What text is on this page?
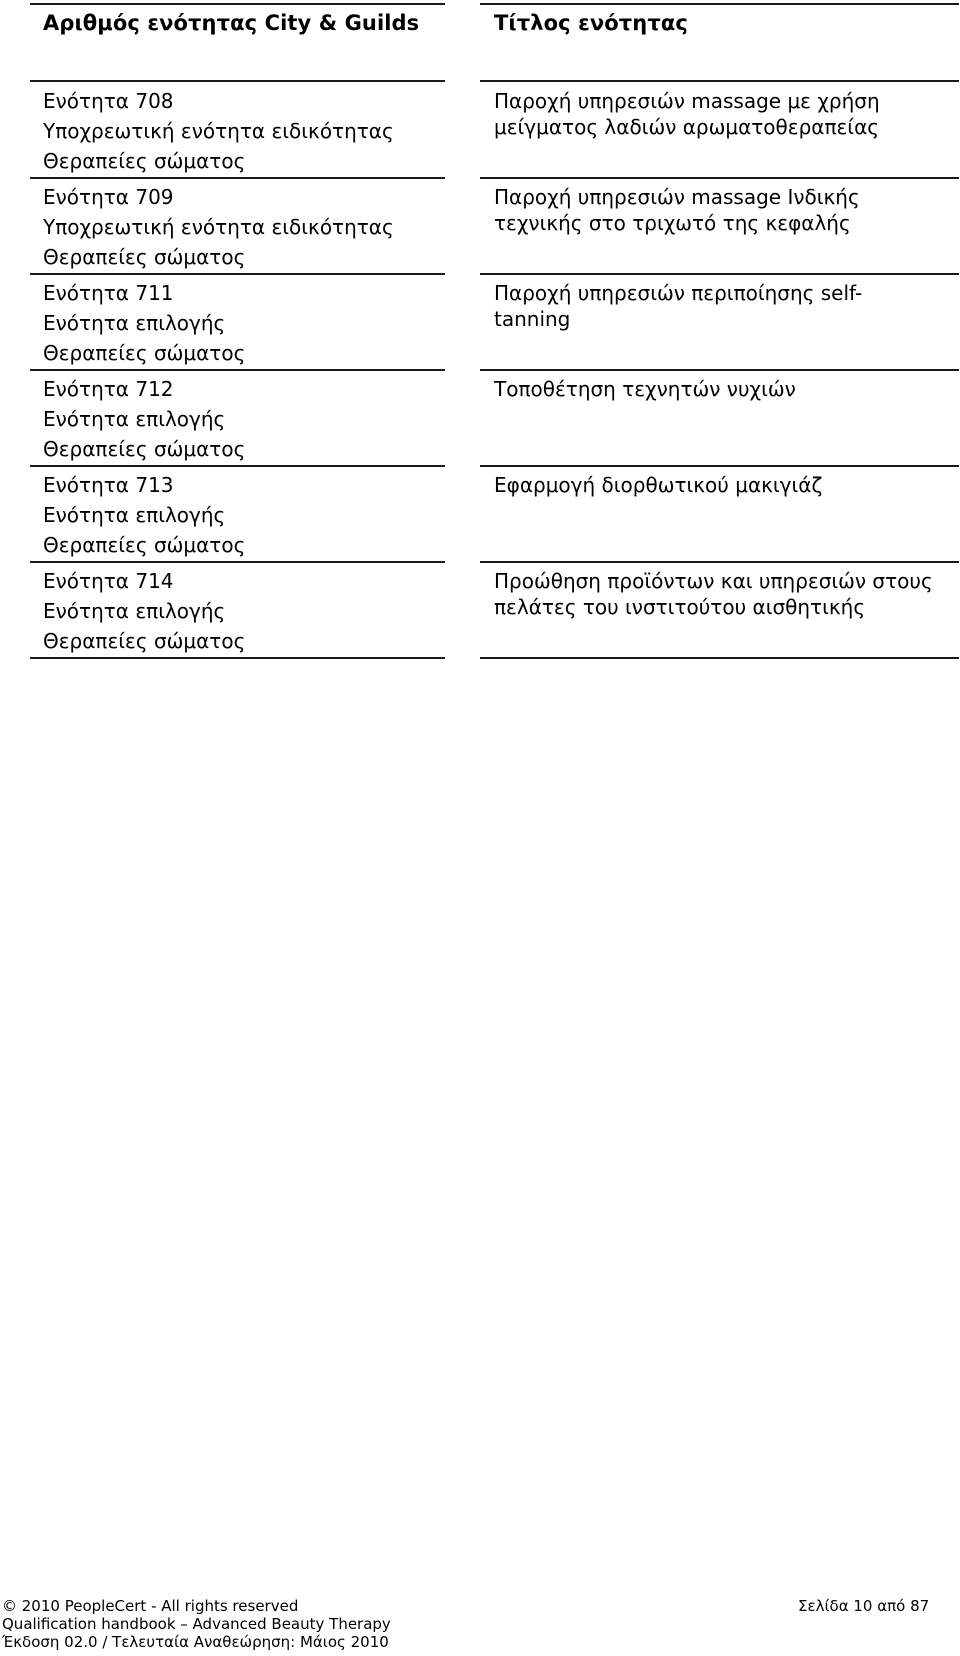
Αριθμός ενότητας City & Guilds	Τίτλος ενότητας
Ενότητα 708
Υποχρεωτική ενότητα ειδικότητας
Θεραπείες σώματος
Παροχή υπηρεσιών massage με χρήση
μείγματος λαδιών αρωματοθεραπείας
Ενότητα 709
Υποχρεωτική ενότητα ειδικότητας
Θεραπείες σώματος
Παροχή υπηρεσιών massage Ινδικής
τεχνικής στο τριχωτό της κεφαλής
Ενότητα 711
Ενότητα επιλογής
Θεραπείες σώματος
Παροχή υπηρεσιών περιποίησης self-
tanning
Ενότητα 712
Ενότητα επιλογής
Θεραπείες σώματος
Τοποθέτηση τεχνητών νυχιών
Ενότητα 713
Ενότητα επιλογής
Θεραπείες σώματος
Εφαρμογή διορθωτικού μακιγιάζ
Ενότητα 714
Ενότητα επιλογής
Θεραπείες σώματος
Προώθηση προϊόντων και υπηρεσιών στους
πελάτες του ινστιτούτου αισθητικής
© 2010 PeopleCert - All rights reserved
Qualification handbook – Advanced Beauty Therapy
Έκδοση 02.0 / Τελευταία Αναθεώρηση: Μάιος 2010
Σελίδα 10 από 87
